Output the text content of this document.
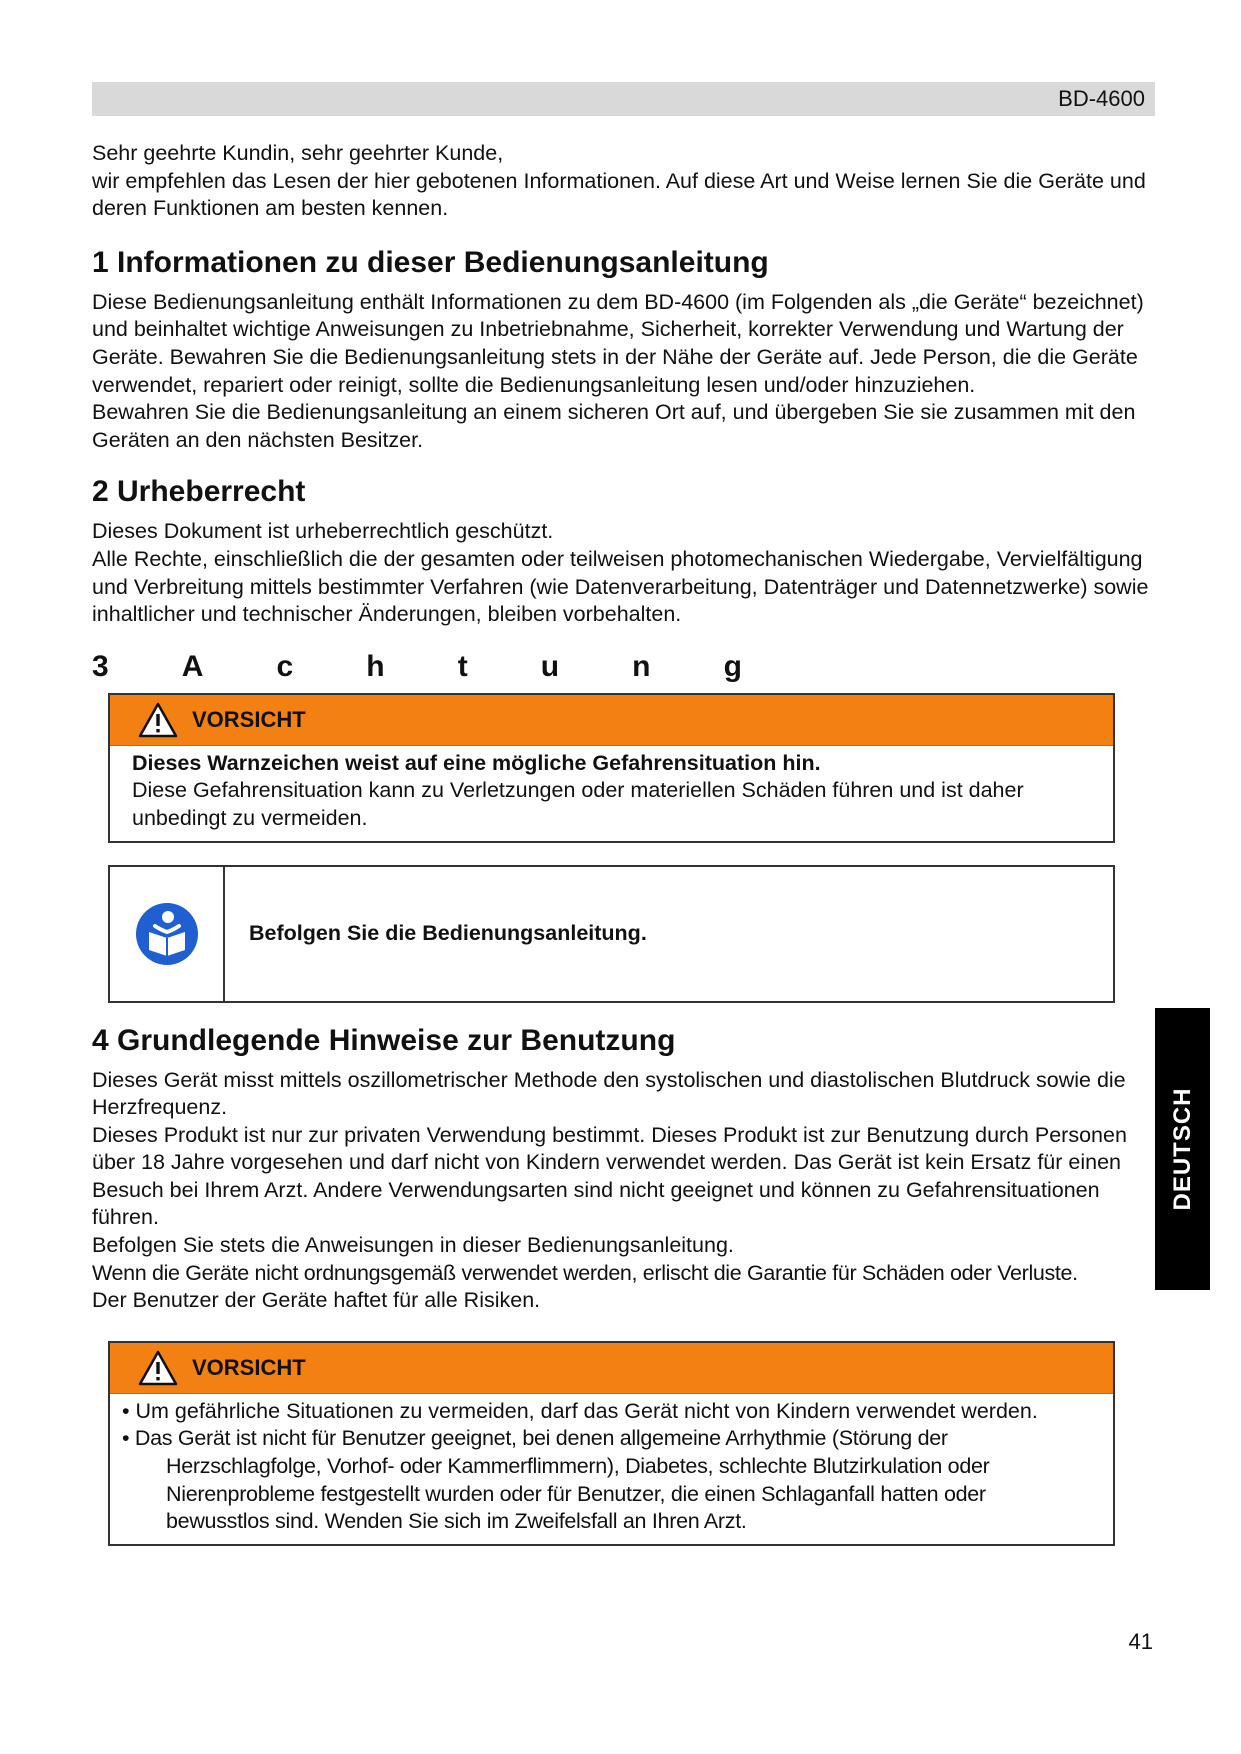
BD-4600

Sehr geehrte Kundin, sehr geehrter Kunde,

wir empfehlen das Lesen der hier gebotenen Informationen. Auf diese Art und Weise lernen Sie die Geräte und deren Funktionen am besten kennen.

1 Informationen zu dieser Bedienungsanleitung

Diese Bedienungsanleitung enthält Informationen zu dem BD-4600 (im Folgenden als „die Geräte“ bezeichnet) und beinhaltet wichtige Anweisungen zu Inbetriebnahme, Sicherheit, korrekter Verwendung und Wartung der Geräte. Bewahren Sie die Bedienungsanleitung stets in der Nähe der Geräte auf. Jede Person, die die Geräte verwendet, repariert oder reinigt, sollte die Bedienungsanleitung lesen und/oder hinzuziehen.

Bewahren Sie die Bedienungsanleitung an einem sicheren Ort auf, und übergeben Sie sie zusammen mit den Geräten an den nächsten Besitzer.

2 Urheberrecht

Dieses Dokument ist urheberrechtlich geschützt.

Alle Rechte, einschließlich die der gesamten oder teilweisen photomechanischen Wiedergabe, Vervielfältigung und Verbreitung mittels bestimmter Verfahren (wie Datenverarbeitung, Datenträger und Datennetzwerke) sowie inhaltlicher und technischer Änderungen, bleiben vorbehalten.

3 A c h t u n g
VORSICHT

Dieses Warnzeichen weist auf eine mögliche Gefahrensituation hin.

Diese Gefahrensituation kann zu Verletzungen oder materiellen Schäden führen und ist daher unbedingt zu vermeiden.

Befolgen Sie die Bedienungsanleitung.
4 Grundlegende Hinweise zur Benutzung

Dieses Gerät misst mittels oszillometrischer Methode den systolischen und diastolischen Blutdruck sowie die Herzfrequenz.

Dieses Produkt ist nur zur privaten Verwendung bestimmt. Dieses Produkt ist zur Benutzung durch Personen über 18 Jahre vorgesehen und darf nicht von Kindern verwendet werden. Das Gerät ist kein Ersatz für einen Besuch bei Ihrem Arzt. Andere Verwendungsarten sind nicht geeignet und können zu Gefahrensituationen führen.

Befolgen Sie stets die Anweisungen in dieser Bedienungsanleitung.

Wenn die Geräte nicht ordnungsgemäß verwendet werden, erlischt die Garantie für Schäden oder Verluste.

Der Benutzer der Geräte haftet für alle Risiken.

VORSICHT
• Um gefährliche Situationen zu vermeiden, darf das Gerät nicht von Kindern verwendet werden.
• Das Gerät ist nicht für Benutzer geeignet, bei denen allgemeine Arrhythmie (Störung der Herzschlagfolge, Vorhof- oder Kammerflimmern), Diabetes, schlechte Blutzirkulation oder Nierenprobleme festgestellt wurden oder für Benutzer, die einen Schlaganfall hatten oder bewusstlos sind. Wenden Sie sich im Zweifelsfall an Ihren Arzt.
DEUTSCH
41
